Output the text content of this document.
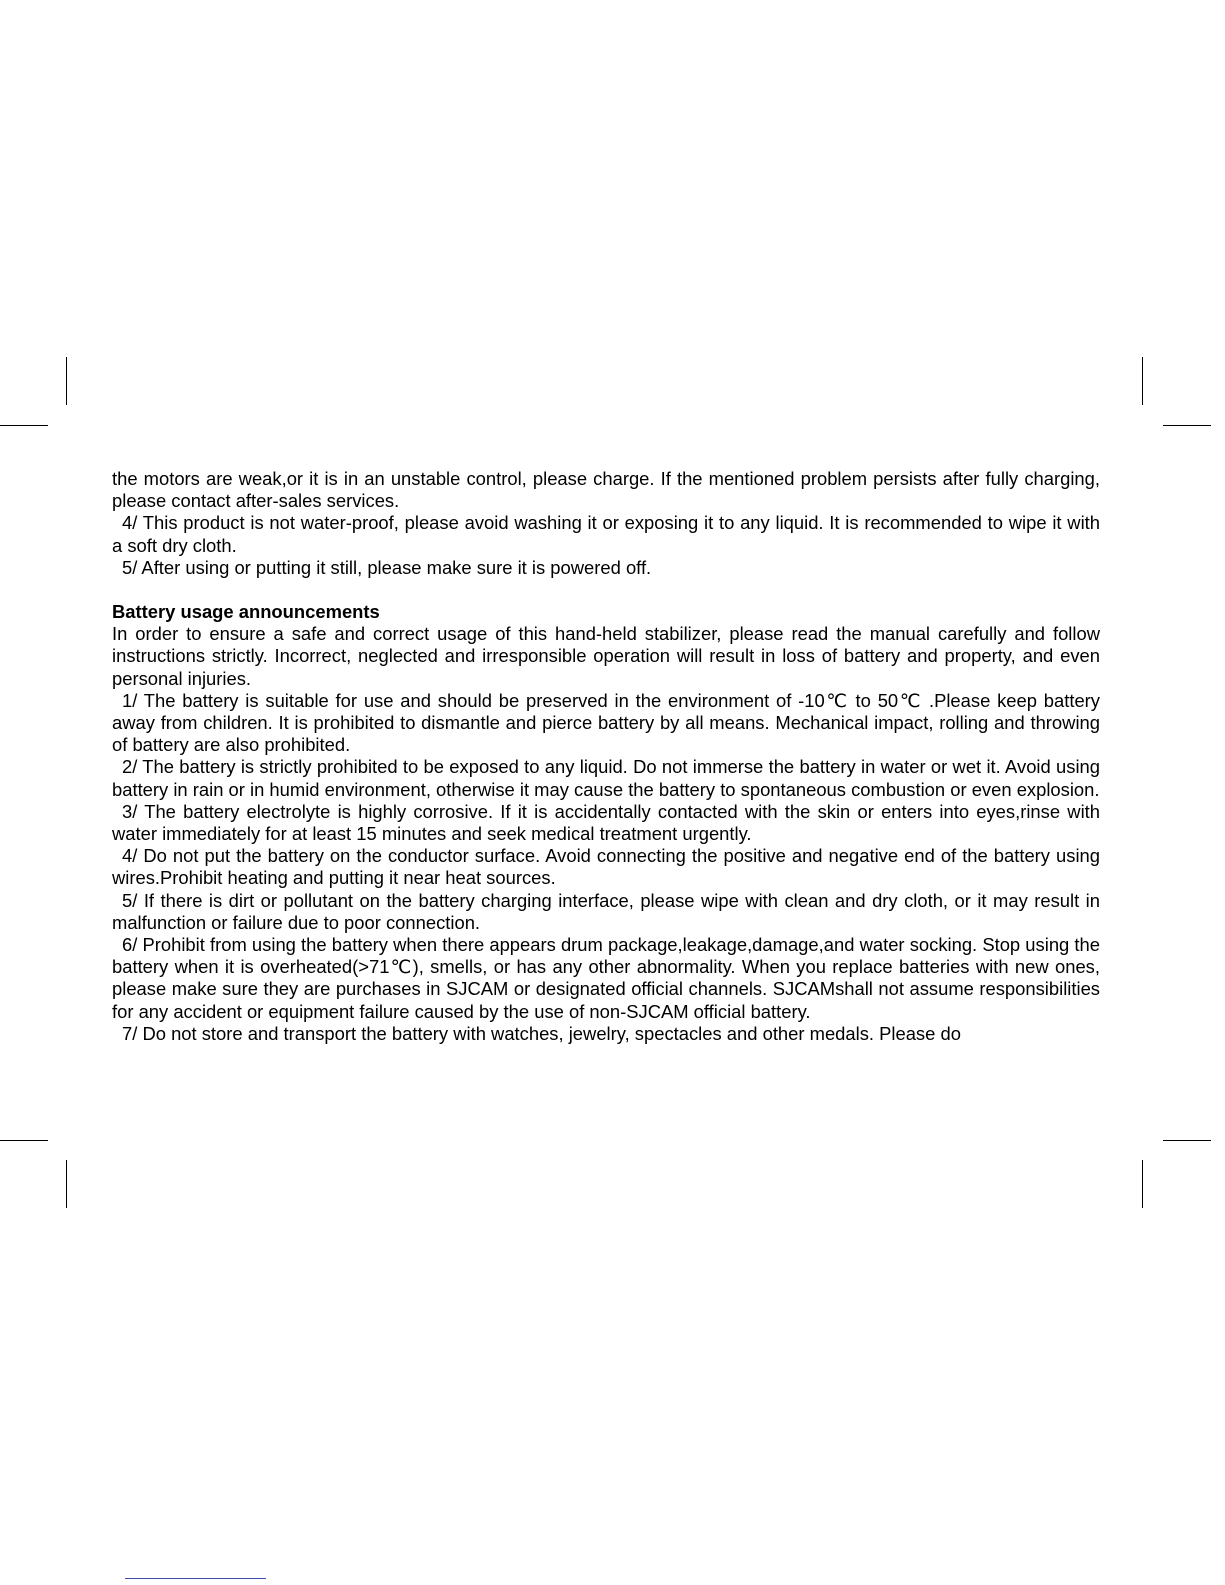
the motors are weak,or it is in an unstable control, please charge. If the mentioned problem persists after fully charging, please contact after-sales services.

4/ This product is not water-proof, please avoid washing it or exposing it to any liquid. It is recommended to wipe it with a soft dry cloth.

5/ After using or putting it still, please make sure it is powered off.

Battery usage announcements

In order to ensure a safe and correct usage of this hand-held stabilizer, please read the manual carefully and follow instructions strictly. Incorrect, neglected and irresponsible operation will result in loss of battery and property, and even personal injuries.

1/ The battery is suitable for use and should be preserved in the environment of -10℃ to 50℃ .Please keep battery away from children. It is prohibited to dismantle and pierce battery by all means. Mechanical impact, rolling and throwing of battery are also prohibited.

2/ The battery is strictly prohibited to be exposed to any liquid. Do not immerse the battery in water or wet it. Avoid using battery in rain or in humid environment, otherwise it may cause the battery to spontaneous combustion or even explosion.

3/ The battery electrolyte is highly corrosive. If it is accidentally contacted with the skin or enters into eyes,rinse with water immediately for at least 15 minutes and seek medical treatment urgently.

4/ Do not put the battery on the conductor surface. Avoid connecting the positive and negative end of the battery using wires.Prohibit heating and putting it near heat sources.

5/ If there is dirt or pollutant on the battery charging interface, please wipe with clean and dry cloth, or it may result in malfunction or failure due to poor connection.

6/ Prohibit from using the battery when there appears drum package,leakage,damage,and water socking. Stop using the battery when it is overheated(>71℃), smells, or has any other abnormality. When you replace batteries with new ones, please make sure they are purchases in SJCAM or designated official channels. SJCAMshall not assume responsibilities for any accident or equipment failure caused by the use of non-SJCAM official battery.

7/ Do not store and transport the battery with watches, jewelry, spectacles and other medals. Please do
